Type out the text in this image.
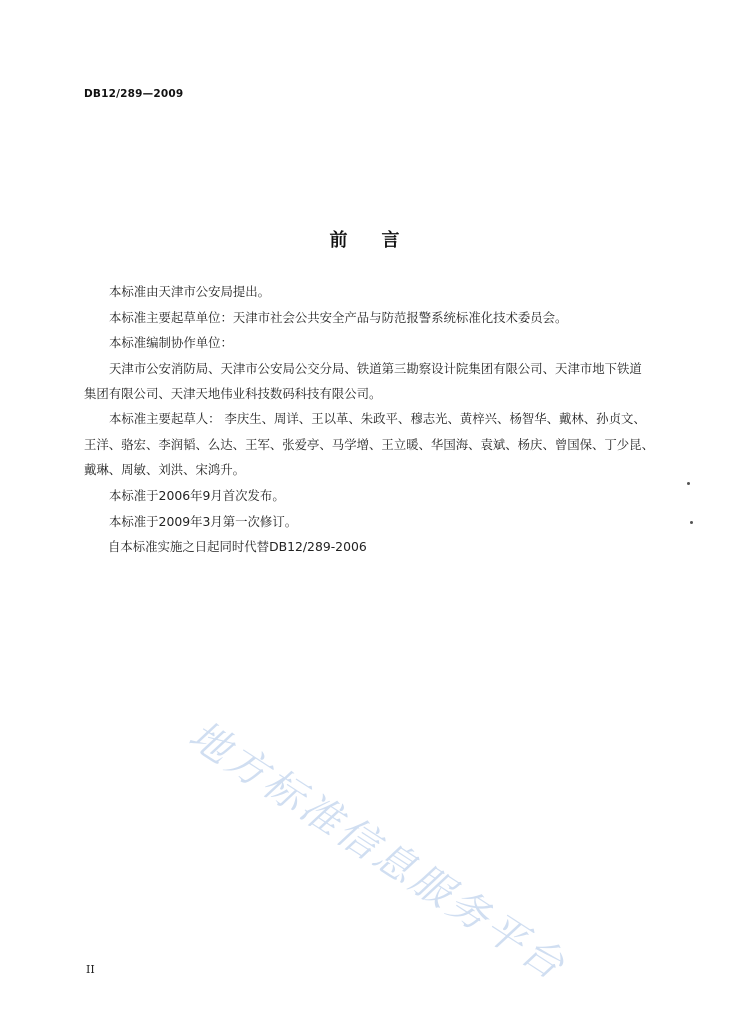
DB12/289—2009
前言
本标准由天津市公安局提出。
本标准主要起草单位：天津市社会公共安全产品与防范报警系统标准化技术委员会。
本标准编制协作单位：
天津市公安消防局、天津市公安局公交分局、铁道第三勘察设计院集团有限公司、天津市地下铁道
集团有限公司、天津天地伟业科技数码科技有限公司。
本标准主要起草人： 李庆生、周详、王以革、朱政平、穆志光、黄梓兴、杨智华、戴林、孙贞文、
王洋、骆宏、李润韬、么达、王军、张爱亭、马学增、王立暖、华国海、袁斌、杨庆、曾国保、丁少昆、
戴琳、周敏、刘洪、宋鸿升。
本标准于2006年9月首次发布。
本标准于2009年3月第一次修订。
自本标准实施之日起同时代替DB12/289-2006
地方标准信息服务平台
II
